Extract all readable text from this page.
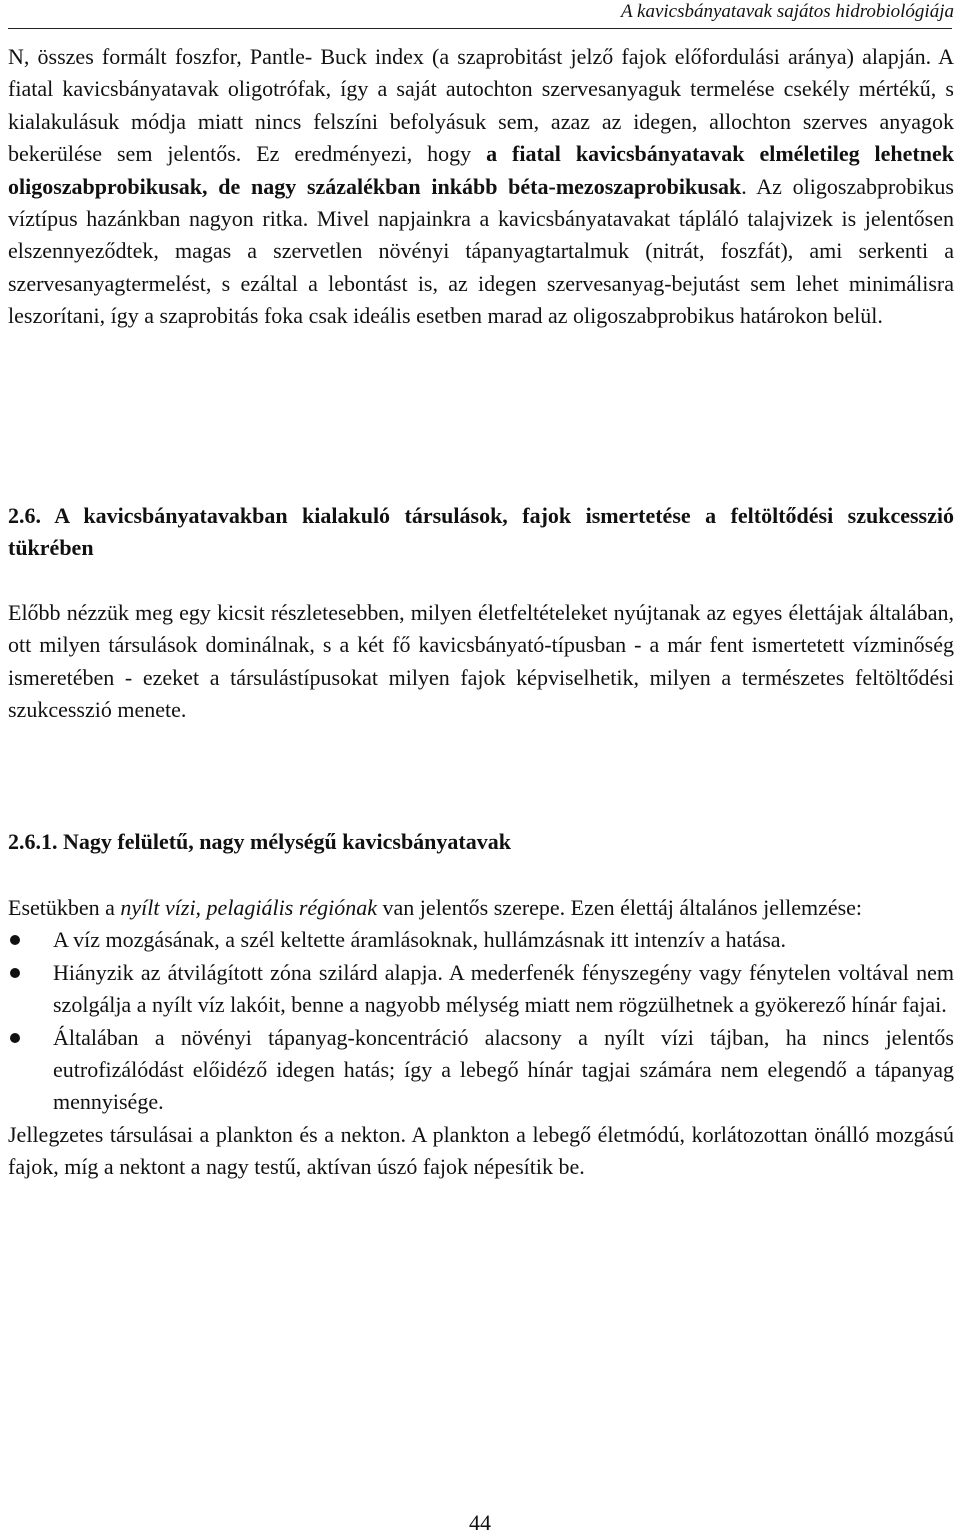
A kavicsbányatavak sajátos hidrobiológiája

N, összes formált foszfor, Pantle- Buck index (a szaprobitást jelző fajok előfordulási aránya) alapján. A fiatal kavicsbányatavak oligotrófak, így a saját autochton szervesanyaguk termelése csekély mértékű, s kialakulásuk módja miatt nincs felszíni befolyásuk sem, azaz az idegen, allochton szerves anyagok bekerülése sem jelentős. Ez eredményezi, hogy a fiatal kavicsbányatavak elméletileg lehetnek oligoszabprobikusak, de nagy százalékban inkább béta-mezoszaprobikusak. Az oligoszabprobikus víztípus hazánkban nagyon ritka. Mivel napjainkra a kavicsbányatavakat tápláló talajvizek is jelentősen elszennyeződtek, magas a szervetlen növényi tápanyagtartalmuk (nitrát, foszfát), ami serkenti a szervesanyagtermelést, s ezáltal a lebontást is, az idegen szervesanyag-bejutást sem lehet minimálisra leszorítani, így a szaprobitás foka csak ideális esetben marad az oligoszabprobikus határokon belül.

2.6. A kavicsbányatavakban kialakuló társulások, fajok ismertetése a feltöltődési szukcesszió tükrében

Előbb nézzük meg egy kicsit részletesebben, milyen életfeltételeket nyújtanak az egyes élettájak általában, ott milyen társulások dominálnak, s a két fő kavicsbányató-típusban - a már fent ismertetett vízminőség ismeretében - ezeket a társulástípusokat milyen fajok képviselhetik, milyen a természetes feltöltődési szukcesszió menete.

2.6.1. Nagy felületű, nagy mélységű kavicsbányatavak

Esetükben a nyílt vízi, pelagiális régiónak van jelentős szerepe. Ezen élettáj általános jellemzése:

A víz mozgásának, a szél keltette áramlásoknak, hullámzásnak itt intenzív a hatása.
Hiányzik az átvilágított zóna szilárd alapja. A mederfenék fényszegény vagy fénytelen voltával nem szolgálja a nyílt víz lakóit, benne a nagyobb mélység miatt nem rögzülhetnek a gyökerező hínár fajai.
Általában a növényi tápanyag-koncentráció alacsony a nyílt vízi tájban, ha nincs jelentős eutrofizálódást előidéző idegen hatás; így a lebegő hínár tagjai számára nem elegendő a tápanyag mennyisége.

Jellegzetes társulásai a plankton és a nekton. A plankton a lebegő életmódú, korlátozottan önálló mozgású fajok, míg a nektont a nagy testű, aktívan úszó fajok népesítik be.

44
